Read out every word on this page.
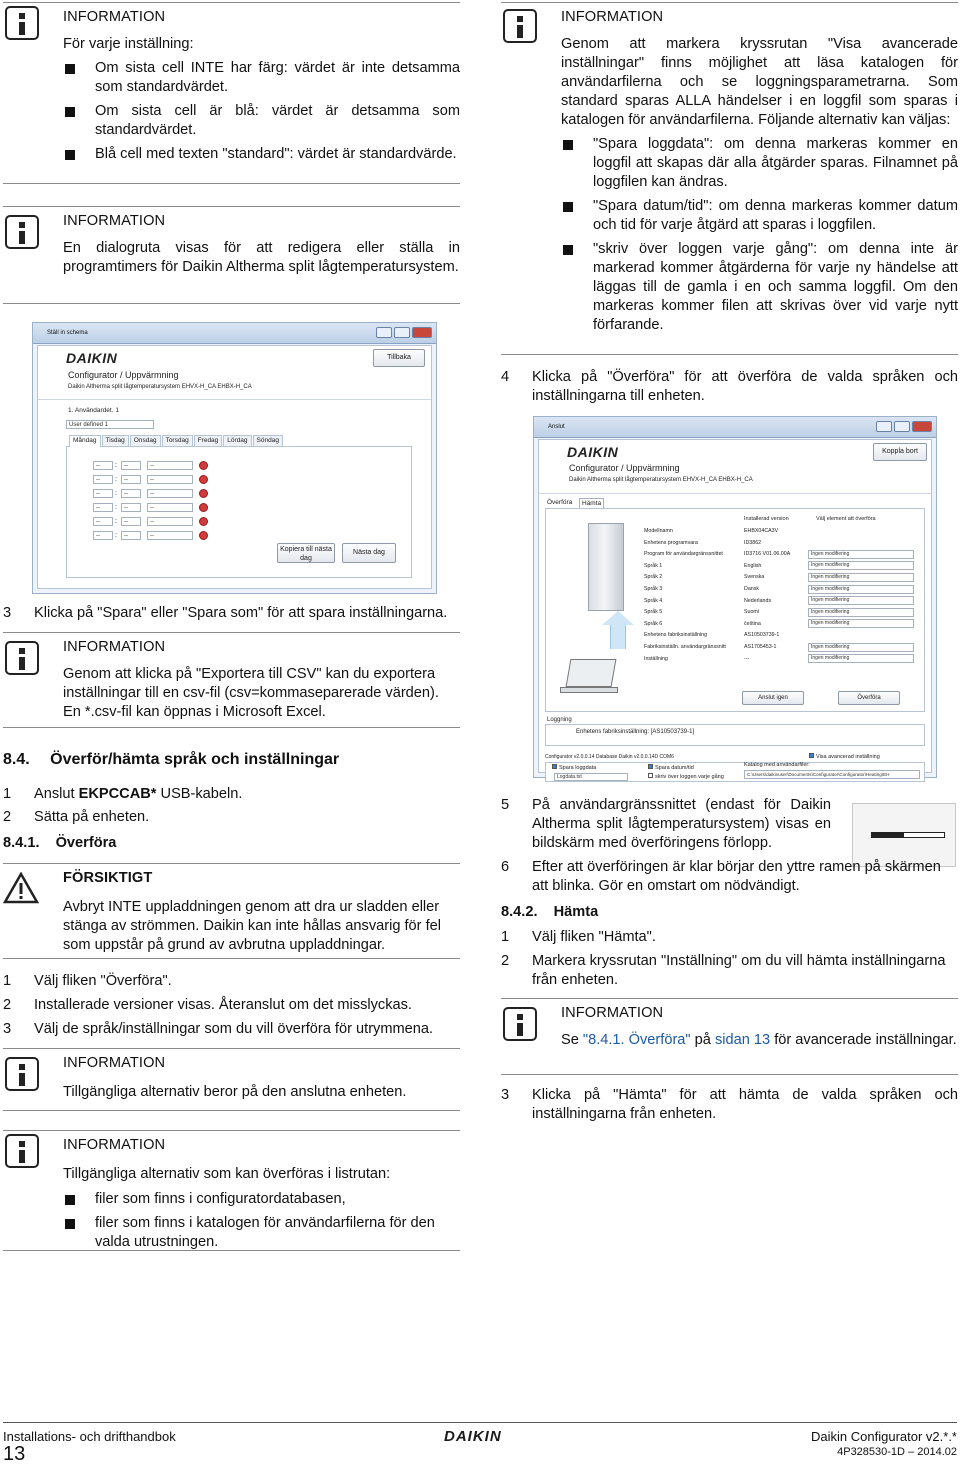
INFORMATION

För varje inställning:

Om sista cell INTE har färg: värdet är inte detsamma som standardvärdet.
Om sista cell är blå: värdet är detsamma som standardvärdet.
Blå cell med texten "standard": värdet är standardvärde.
INFORMATION

En dialogruta visas för att redigera eller ställa in programtimers för Daikin Altherma split lågtemperatursystem.

Ställ in schema
DAIKIN
Configurator / Uppvärmning
Daikin Altherma split lågtemperatursystem EHVX-H_CA EHBX-H_CA
Tillbaka
1. Användardet. 1
User defined 1
Måndag	Tisdag	Onsdag	Torsdag	Fredag	Lördag	Söndag
--	:	--	--
--	:	--	--
--	:	--	--
--	:	--	--
--	:	--	--
--	:	--	--
Kopiera till nästa dag
Nästa dag
3 Klicka på "Spara" eller "Spara som" för att spara inställningarna.

INFORMATION

Genom att klicka på "Exportera till CSV" kan du exportera inställningar till en csv-fil (csv=kommaseparerade värden). En *.csv-fil kan öppnas i Microsoft Excel.

8.4. Överför/hämta språk och inställningar
1 Anslut EKPCCAB* USB-kabeln.

2 Sätta på enheten.

8.4.1. Överföra
FÖRSIKTIGT

Avbryt INTE uppladdningen genom att dra ur sladden eller stänga av strömmen. Daikin kan inte hållas ansvarig för fel som uppstår på grund av avbrutna uppladdningar.

1 Välj fliken "Överföra".

2 Installerade versioner visas. Återanslut om det misslyckas.

3 Välj de språk/inställningar som du vill överföra för utrymmena.

INFORMATION

Tillgängliga alternativ beror på den anslutna enheten.

INFORMATION

Tillgängliga alternativ som kan överföras i listrutan:

filer som finns i configuratordatabasen,
filer som finns i katalogen för användarfilerna för den valda utrustningen.
INFORMATION

Genom att markera kryssrutan "Visa avancerade inställningar" finns möjlighet att läsa katalogen för användarfilerna och se loggningsparametrarna. Som standard sparas ALLA händelser i en loggfil som sparas i katalogen för användarfilerna. Följande alternativ kan väljas:

"Spara loggdata": om denna markeras kommer en loggfil att skapas där alla åtgärder sparas. Filnamnet på loggfilen kan ändras.
"Spara datum/tid": om denna markeras kommer datum och tid för varje åtgärd att sparas i loggfilen.
"skriv över loggen varje gång": om denna inte är markerad kommer åtgärderna för varje ny händelse att läggas till de gamla i en och samma loggfil. Om den markeras kommer filen att skrivas över vid varje nytt förfarande.
4 Klicka på "Överföra" för att överföra de valda språken och inställningarna till enheten.

Anslut
DAIKIN
Configurator / Uppvärmning
Daikin Altherma split lågtemperatursystem EHVX-H_CA EHBX-H_CA
Koppla bort
Överföra	Hämta
Installerad version	Välj element att överföra
Modellnamn	EHBX04CA3V
Enhetens programvara	ID3862
Program för användargränssnittet	ID3716 V01.06.00A	Ingen modifiering
Språk 1	English	Ingen modifiering
Språk 2	Svenska	Ingen modifiering
Språk 3	Dansk	Ingen modifiering
Språk 4	Nederlands	Ingen modifiering
Språk 5	Suomi	Ingen modifiering
Språk 6	čeština	Ingen modifiering
Enhetens fabriksinställning	AS10503739-1
Fabriksinställn. användargränssnitt	AS1705453-1	Ingen modifiering
Inställning	---	Ingen modifiering
Anslut igen	Överföra
Loggning
Enhetens fabriksinställning: [AS10503739-1]
Configurator v2.0.0.14 Database Daikin v2.0.0.14D COM6	Visa avancerad inställning
Spara loggdata
Logdata.txt
Spara datum/tid
skriv över loggen varje gång
Katalog med användarfiler:
C:\Users\daikinuser\Documents\Configurator\Configurator\Heating\EH
5 På användargränssnittet (endast för Daikin Altherma split lågtemperatursystem) visas en bildskärm med överföringens förlopp.

6 Efter att överföringen är klar börjar den yttre ramen på skärmen att blinka. Gör en omstart om nödvändigt.

8.4.2. Hämta
1 Välj fliken "Hämta".

2 Markera kryssrutan "Inställning" om du vill hämta inställningarna från enheten.

INFORMATION

Se "8.4.1. Överföra" på sidan 13 för avancerade inställningar.

3 Klicka på "Hämta" för att hämta de valda språken och inställningarna från enheten.

Installations- och drifthandbok
13
DAIKIN	Daikin Configurator v2.*.*
4P328530-1D – 2014.02
